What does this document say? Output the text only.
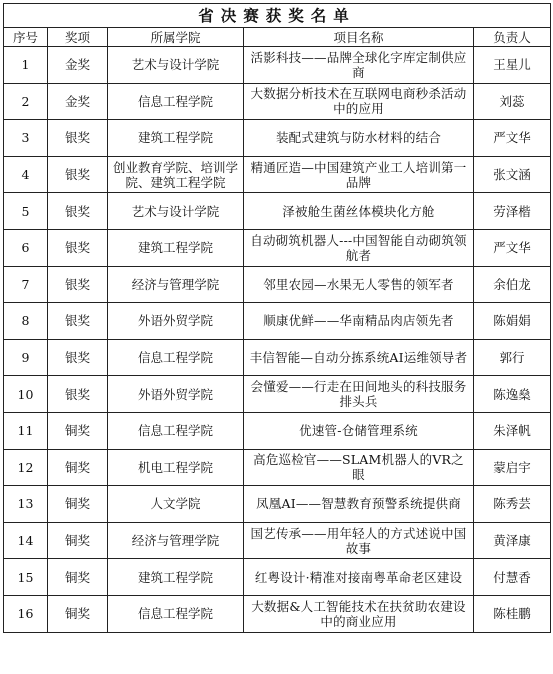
省决赛获奖名单				
序号	奖项	所属学院	项目名称	负责人
1	金奖	艺术与设计学院	活影科技——品牌全球化字库定制供应商	王星儿
2	金奖	信息工程学院	大数据分析技术在互联网电商秒杀活动中的应用	刘蕊
3	银奖	建筑工程学院	装配式建筑与防水材料的结合	严文华
4	银奖	创业教育学院、培训学院、建筑工程学院	精通匠造—中国建筑产业工人培训第一品牌	张文涵
5	银奖	艺术与设计学院	泽被舱生菌丝体模块化方舱	劳泽楷
6	银奖	建筑工程学院	自动砌筑机器人---中国智能自动砌筑领航者	严文华
7	银奖	经济与管理学院	邻里农园—水果无人零售的领军者	余伯龙
8	银奖	外语外贸学院	顺康优鲜——华南精品肉店领先者	陈娟娟
9	银奖	信息工程学院	丰信智能—自动分拣系统AI运维领导者	郭行
10	银奖	外语外贸学院	会懂爱——行走在田间地头的科技服务排头兵	陈逸燊
11	铜奖	信息工程学院	优速管-仓储管理系统	朱泽帆
12	铜奖	机电工程学院	高危巡检官——SLAM机器人的VR之眼	蒙启宇
13	铜奖	人文学院	凤凰AI——智慧教育预警系统提供商	陈秀芸
14	铜奖	经济与管理学院	国艺传承——用年轻人的方式述说中国故事	黄泽康
15	铜奖	建筑工程学院	红粤设计·精准对接南粤革命老区建设	付慧香
16	铜奖	信息工程学院	大数据&人工智能技术在扶贫助农建设中的商业应用	陈桂鹏
